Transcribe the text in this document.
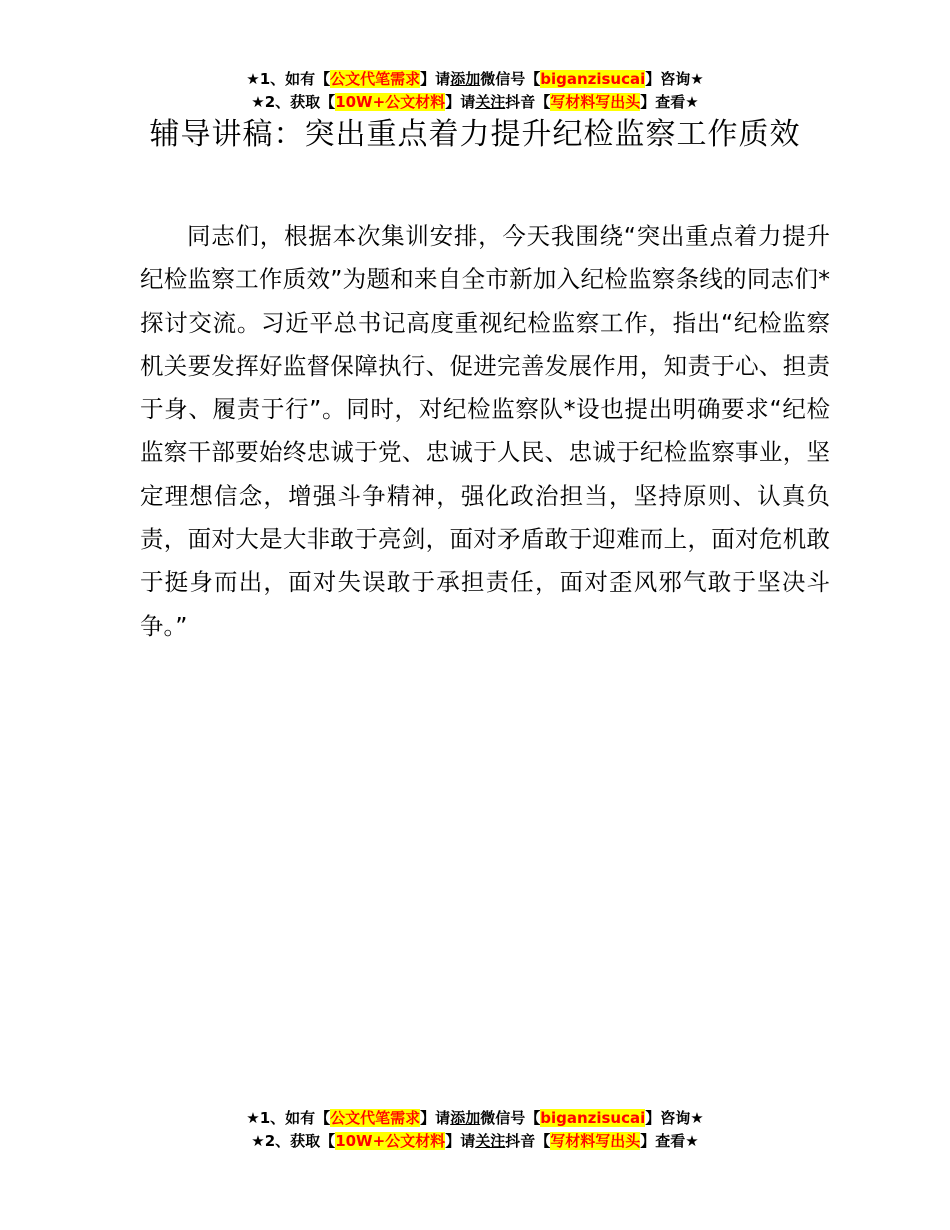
★1、如有【公文代笔需求】请添加微信号【biganzisucai】咨询★
★2、获取【10W+公文材料】请关注抖音【写材料写出头】查看★
辅导讲稿：突出重点着力提升纪检监察工作质效

同志们，根据本次集训安排，今天我围绕“突出重点着力提升纪检监察工作质效”为题和来自全市新加入纪检监察条线的同志们*探讨交流。习近平总书记高度重视纪检监察工作，指出“纪检监察机关要发挥好监督保障执行、促进完善发展作用，知责于心、担责于身、履责于行”。同时，对纪检监察队*设也提出明确要求“纪检监察干部要始终忠诚于党、忠诚于人民、忠诚于纪检监察事业，坚定理想信念，增强斗争精神，强化政治担当，坚持原则、认真负责，面对大是大非敢于亮剑，面对矛盾敢于迎难而上，面对危机敢于挺身而出，面对失误敢于承担责任，面对歪风邪气敢于坚决斗争。”

★1、如有【公文代笔需求】请添加微信号【biganzisucai】咨询★
★2、获取【10W+公文材料】请关注抖音【写材料写出头】查看★
